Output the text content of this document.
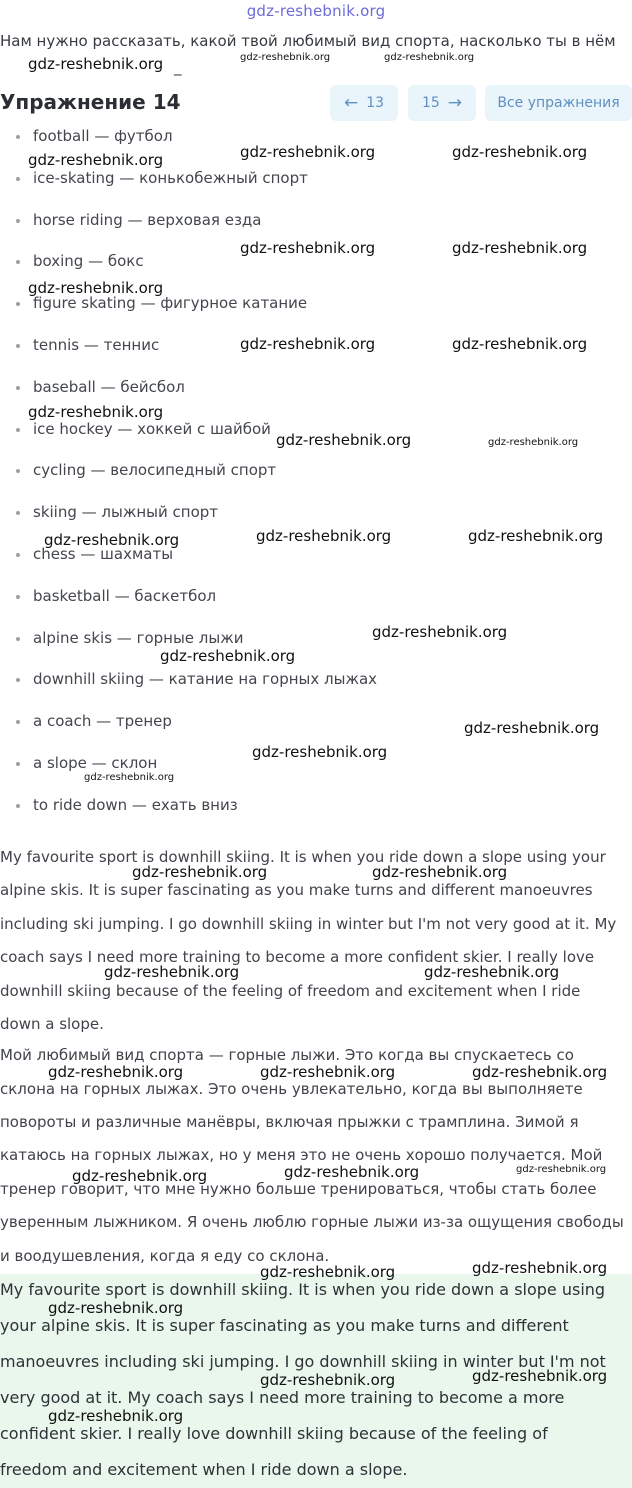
gdz-reshebnik.org
Нам нужно рассказать, какой твой любимый вид спорта, насколько ты в нём
_
Упражнение 14	← 13	15 →	Все упражнения
football — футбол
ice-skating — конькобежный спорт
horse riding — верховая езда
boxing — бокс
figure skating — фигурное катание
tennis — теннис
baseball — бейсбол
ice hockey — хоккей с шайбой
cycling — велосипедный спорт
skiing — лыжный спорт
chess — шахматы
basketball — баскетбол
alpine skis — горные лыжи
downhill skiing — катание на горных лыжах
a coach — тренер
a slope — склон
to ride down — ехать вниз
My favourite sport is downhill skiing. It is when you ride down a slope using your
alpine skis. It is super fascinating as you make turns and different manoeuvres
including ski jumping. I go downhill skiing in winter but I'm not very good at it. My
coach says I need more training to become a more confident skier. I really love
downhill skiing because of the feeling of freedom and excitement when I ride
down a slope.
Мой любимый вид спорта — горные лыжи. Это когда вы спускаетесь со
склона на горных лыжах. Это очень увлекательно, когда вы выполняете
повороты и различные манёвры, включая прыжки с трамплина. Зимой я
катаюсь на горных лыжах, но у меня это не очень хорошо получается. Мой
тренер говорит, что мне нужно больше тренироваться, чтобы стать более
уверенным лыжником. Я очень люблю горные лыжи из-за ощущения свободы
и воодушевления, когда я еду со склона.
My favourite sport is downhill skiing. It is when you ride down a slope using
your alpine skis. It is super fascinating as you make turns and different
manoeuvres including ski jumping. I go downhill skiing in winter but I'm not
very good at it. My coach says I need more training to become a more
confident skier. I really love downhill skiing because of the feeling of
freedom and excitement when I ride down a slope.
gdz-reshebnik.org	gdz-reshebnik.org	gdz-reshebnik.org
gdz-reshebnik.org	gdz-reshebnik.org	gdz-reshebnik.org
gdz-reshebnik.org	gdz-reshebnik.org
gdz-reshebnik.org
gdz-reshebnik.org	gdz-reshebnik.org
gdz-reshebnik.org
gdz-reshebnik.org	gdz-reshebnik.org
gdz-reshebnik.org	gdz-reshebnik.org	gdz-reshebnik.org
gdz-reshebnik.org
gdz-reshebnik.org
gdz-reshebnik.org
gdz-reshebnik.org
gdz-reshebnik.org
gdz-reshebnik.org	gdz-reshebnik.org
gdz-reshebnik.org	gdz-reshebnik.org
gdz-reshebnik.org	gdz-reshebnik.org	gdz-reshebnik.org
gdz-reshebnik.org	gdz-reshebnik.org	gdz-reshebnik.org
gdz-reshebnik.org	gdz-reshebnik.org
gdz-reshebnik.org
gdz-reshebnik.org	gdz-reshebnik.org
gdz-reshebnik.org
